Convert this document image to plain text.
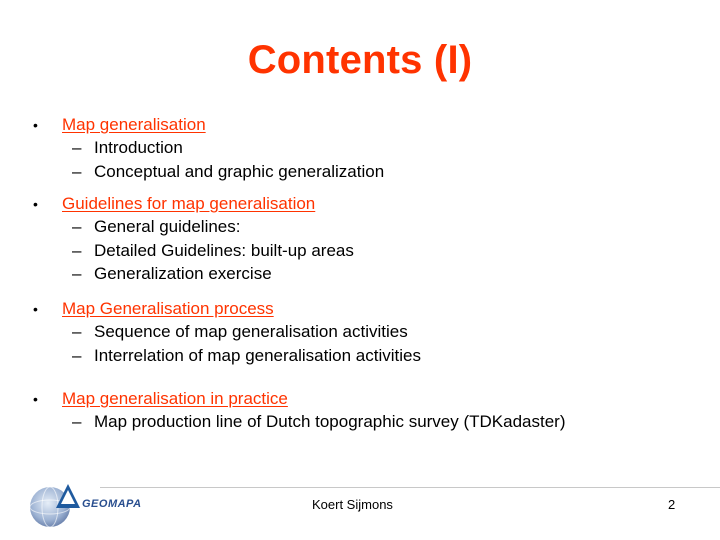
Contents (I)
• Map generalisation
– Introduction
– Conceptual and graphic generalization
• Guidelines for map generalisation
– General guidelines:
– Detailed Guidelines: built-up areas
– Generalization exercise
• Map Generalisation process
– Sequence of map generalisation activities
– Interrelation of map generalisation activities
• Map generalisation in practice
– Map production line of Dutch topographic survey (TDKadaster)
GEOMAPA	Koert Sijmons	2
